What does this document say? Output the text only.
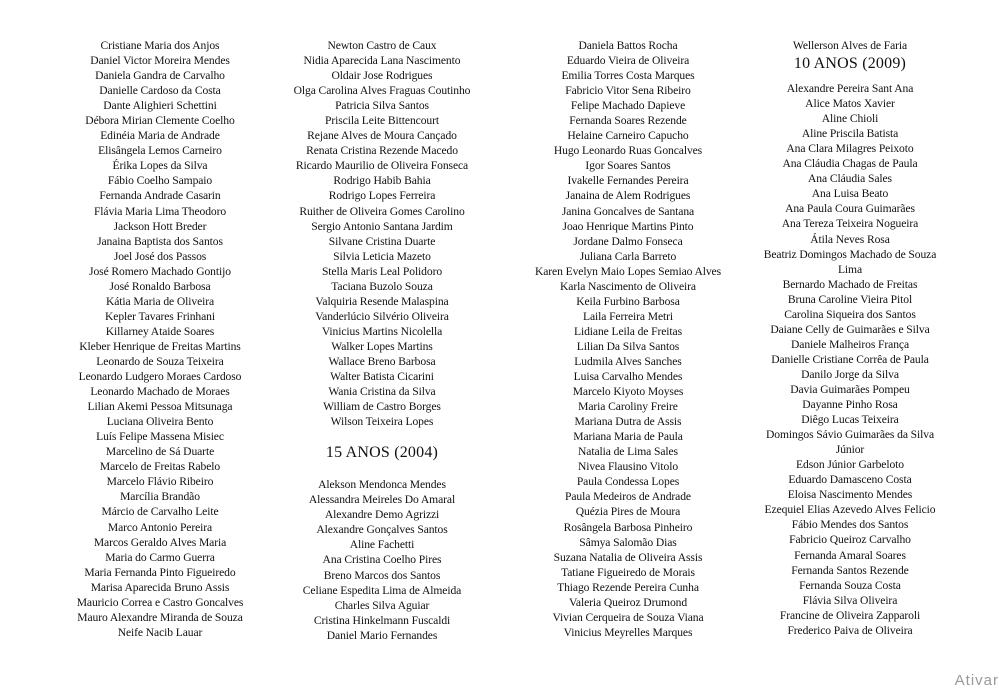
Cristiane Maria dos Anjos
Daniel Victor Moreira Mendes
Daniela Gandra de Carvalho
Danielle Cardoso da Costa
Dante Alighieri Schettini
Débora Mirian Clemente Coelho
Edinéia Maria de Andrade
Elisângela Lemos Carneiro
Érika Lopes da Silva
Fábio Coelho Sampaio
Fernanda Andrade Casarin
Flávia Maria Lima Theodoro
Jackson Hott Breder
Janaina Baptista dos Santos
Joel José dos Passos
José Romero Machado Gontijo
José Ronaldo Barbosa
Kátia Maria de Oliveira
Kepler Tavares Frinhani
Killarney Ataide Soares
Kleber Henrique de Freitas Martins
Leonardo de Souza Teixeira
Leonardo Ludgero Moraes Cardoso
Leonardo Machado de Moraes
Lilian Akemi Pessoa Mitsunaga
Luciana Oliveira Bento
Luís Felipe Massena Misiec
Marcelino de Sá Duarte
Marcelo de Freitas Rabelo
Marcelo Flávio Ribeiro
Marcília Brandão
Márcio de Carvalho Leite
Marco Antonio Pereira
Marcos Geraldo Alves Maria
Maria do Carmo Guerra
Maria Fernanda Pinto Figueiredo
Marisa Aparecida Bruno Assis
Mauricio Correa e Castro Goncalves
Mauro Alexandre Miranda de Souza
Neife Nacib Lauar
Newton Castro de Caux
Nidia Aparecida Lana Nascimento
Oldair Jose Rodrigues
Olga Carolina Alves Fraguas Coutinho
Patricia Silva Santos
Priscila Leite Bittencourt
Rejane Alves de Moura Cançado
Renata Cristina Rezende Macedo
Ricardo Maurilio de Oliveira Fonseca
Rodrigo Habib Bahia
Rodrigo Lopes Ferreira
Ruither de Oliveira Gomes Carolino
Sergio Antonio Santana Jardim
Silvane Cristina Duarte
Silvia Leticia Mazeto
Stella Maris Leal Polidoro
Taciana Buzolo Souza
Valquiria Resende Malaspina
Vanderlúcio Silvério Oliveira
Vinicius Martins Nicolella
Walker Lopes Martins
Wallace Breno Barbosa
Walter Batista Cicarini
Wania Cristina da Silva
William de Castro Borges
Wilson Teixeira Lopes
15 ANOS (2004)
Alekson Mendonca Mendes
Alessandra Meireles Do Amaral
Alexandre Demo Agrizzi
Alexandre Gonçalves Santos
Aline Fachetti
Ana Cristina Coelho Pires
Breno Marcos dos Santos
Celiane Espedita Lima de Almeida
Charles Silva Aguiar
Cristina Hinkelmann Fuscaldi
Daniel Mario Fernandes
Daniela Battos Rocha
Eduardo Vieira de Oliveira
Emilia Torres Costa Marques
Fabricio Vitor Sena Ribeiro
Felipe Machado Dapieve
Fernanda Soares Rezende
Helaine Carneiro Capucho
Hugo Leonardo Ruas Goncalves
Igor Soares Santos
Ivakelle Fernandes Pereira
Janaina de Alem Rodrigues
Janina Goncalves de Santana
Joao Henrique Martins Pinto
Jordane Dalmo Fonseca
Juliana Carla Barreto
Karen Evelyn Maio Lopes Semiao Alves
Karla Nascimento de Oliveira
Keila Furbino Barbosa
Laila Ferreira Metri
Lidiane Leila de Freitas
Lilian Da Silva Santos
Ludmila Alves Sanches
Luisa Carvalho Mendes
Marcelo Kiyoto Moyses
Maria Caroliny Freire
Mariana Dutra de Assis
Mariana Maria de Paula
Natalia de Lima Sales
Nivea Flausino Vitolo
Paula Condessa Lopes
Paula Medeiros de Andrade
Quézia Pires de Moura
Rosângela Barbosa Pinheiro
Sâmya Salomão Dias
Suzana Natalia de Oliveira Assis
Tatiane Figueiredo de Morais
Thiago Rezende Pereira Cunha
Valeria Queiroz Drumond
Vivian Cerqueira de Souza Viana
Vinicius Meyrelles Marques
Wellerson Alves de Faria
10 ANOS (2009)
Alexandre Pereira Sant Ana
Alice Matos Xavier
Aline Chioli
Aline Priscila Batista
Ana Clara Milagres Peixoto
Ana Cláudia Chagas de Paula
Ana Cláudia Sales
Ana Luisa Beato
Ana Paula Coura Guimarães
Ana Tereza Teixeira Nogueira
Átila Neves Rosa
Beatriz Domingos Machado de Souza
Lima
Bernardo Machado de Freitas
Bruna Caroline Vieira Pitol
Carolina Siqueira dos Santos
Daiane Celly de Guimarães e Silva
Daniele Malheiros França
Danielle Cristiane Corrêa de Paula
Danilo Jorge da Silva
Davia Guimarães Pompeu
Dayanne Pinho Rosa
Diêgo Lucas Teixeira
Domingos Sávio Guimarães da Silva
Júnior
Edson Júnior Garbeloto
Eduardo Damasceno Costa
Eloisa Nascimento Mendes
Ezequiel Elias Azevedo Alves Felicio
Fábio Mendes dos Santos
Fabricio Queiroz Carvalho
Fernanda Amaral Soares
Fernanda Santos Rezende
Fernanda Souza Costa
Flávia Silva Oliveira
Francine de Oliveira Zapparoli
Frederico Paiva de Oliveira
Ativar
